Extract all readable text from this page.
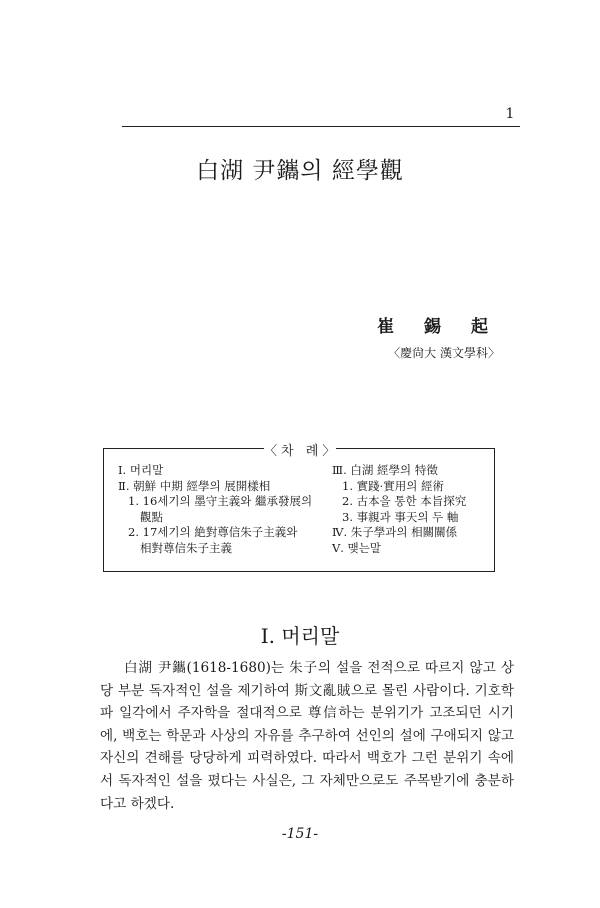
1
白湖 尹鑴의 經學觀
崔 錫 起
〈慶尙大 漢文學科〉
〈차 례〉
Ⅰ. 머리말
Ⅱ. 朝鮮 中期 經學의 展開樣相
1. 16세기의 墨守主義와 繼承發展의
觀點
2. 17세기의 絶對尊信朱子主義와
相對尊信朱子主義
Ⅲ. 白湖 經學의 特徵
1. 實踐·實用의 經術
2. 古本을 통한 本旨探究
3. 事親과 事天의 두 軸
Ⅳ. 朱子學과의 相關關係
Ⅴ. 맺는말
Ⅰ. 머리말

白湖 尹鑴(1618-1680)는 朱子의 설을 전적으로 따르지 않고 상당 부분 독자적인 설을 제기하여 斯文亂賊으로 몰린 사람이다. 기호학파 일각에서 주자학을 절대적으로 尊信하는 분위기가 고조되던 시기에, 백호는 학문과 사상의 자유를 추구하여 선인의 설에 구애되지 않고 자신의 견해를 당당하게 피력하였다. 따라서 백호가 그런 분위기 속에서 독자적인 설을 폈다는 사실은, 그 자체만으로도 주목받기에 충분하다고 하겠다.

-151-
